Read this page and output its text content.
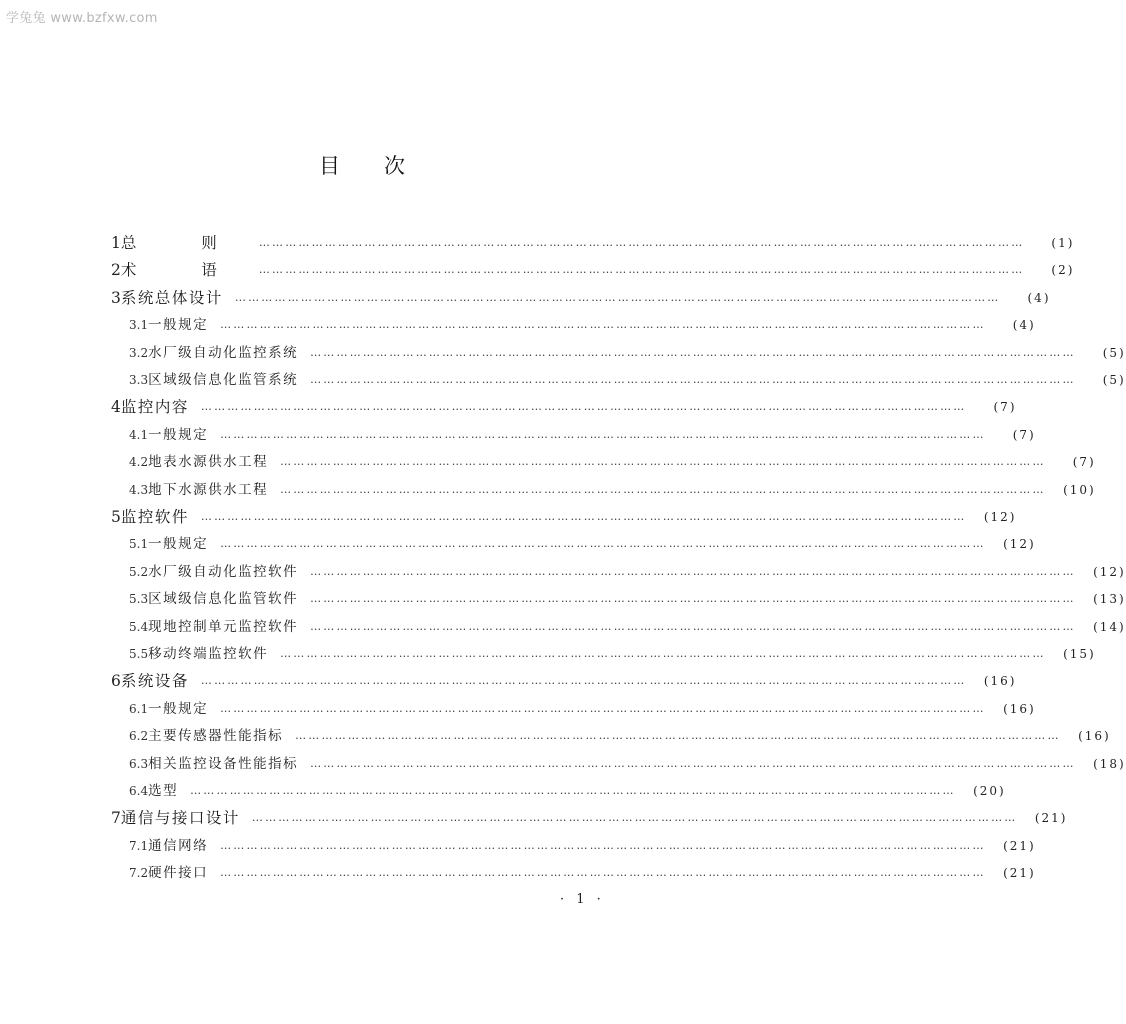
学兔兔 www.bzfxw.com
目次
1 总 则 …………………………………………………………………………………………………………………………………………………………	(1)
2 术 语 …………………………………………………………………………………………………………………………………………………………	(2)
3 系统总体设计 …………………………………………………………………………………………………………………………………………………………	(4)
3.1 一般规定 …………………………………………………………………………………………………………………………………………………………	(4)
3.2 水厂级自动化监控系统 …………………………………………………………………………………………………………………………………………………………	(5)
3.3 区域级信息化监管系统 …………………………………………………………………………………………………………………………………………………………	(5)
4 监控内容 …………………………………………………………………………………………………………………………………………………………	(7)
4.1 一般规定 …………………………………………………………………………………………………………………………………………………………	(7)
4.2 地表水源供水工程 …………………………………………………………………………………………………………………………………………………………	(7)
4.3 地下水源供水工程 …………………………………………………………………………………………………………………………………………………………	(10)
5 监控软件 …………………………………………………………………………………………………………………………………………………………	(12)
5.1 一般规定 …………………………………………………………………………………………………………………………………………………………	(12)
5.2 水厂级自动化监控软件 …………………………………………………………………………………………………………………………………………………………	(12)
5.3 区域级信息化监管软件 …………………………………………………………………………………………………………………………………………………………	(13)
5.4 现地控制单元监控软件 …………………………………………………………………………………………………………………………………………………………	(14)
5.5 移动终端监控软件 …………………………………………………………………………………………………………………………………………………………	(15)
6 系统设备 …………………………………………………………………………………………………………………………………………………………	(16)
6.1 一般规定 …………………………………………………………………………………………………………………………………………………………	(16)
6.2 主要传感器性能指标 …………………………………………………………………………………………………………………………………………………………	(16)
6.3 相关监控设备性能指标 …………………………………………………………………………………………………………………………………………………………	(18)
6.4 选型 …………………………………………………………………………………………………………………………………………………………	(20)
7 通信与接口设计 …………………………………………………………………………………………………………………………………………………………	(21)
7.1 通信网络 …………………………………………………………………………………………………………………………………………………………	(21)
7.2 硬件接口 …………………………………………………………………………………………………………………………………………………………	(21)
· 1 ·
